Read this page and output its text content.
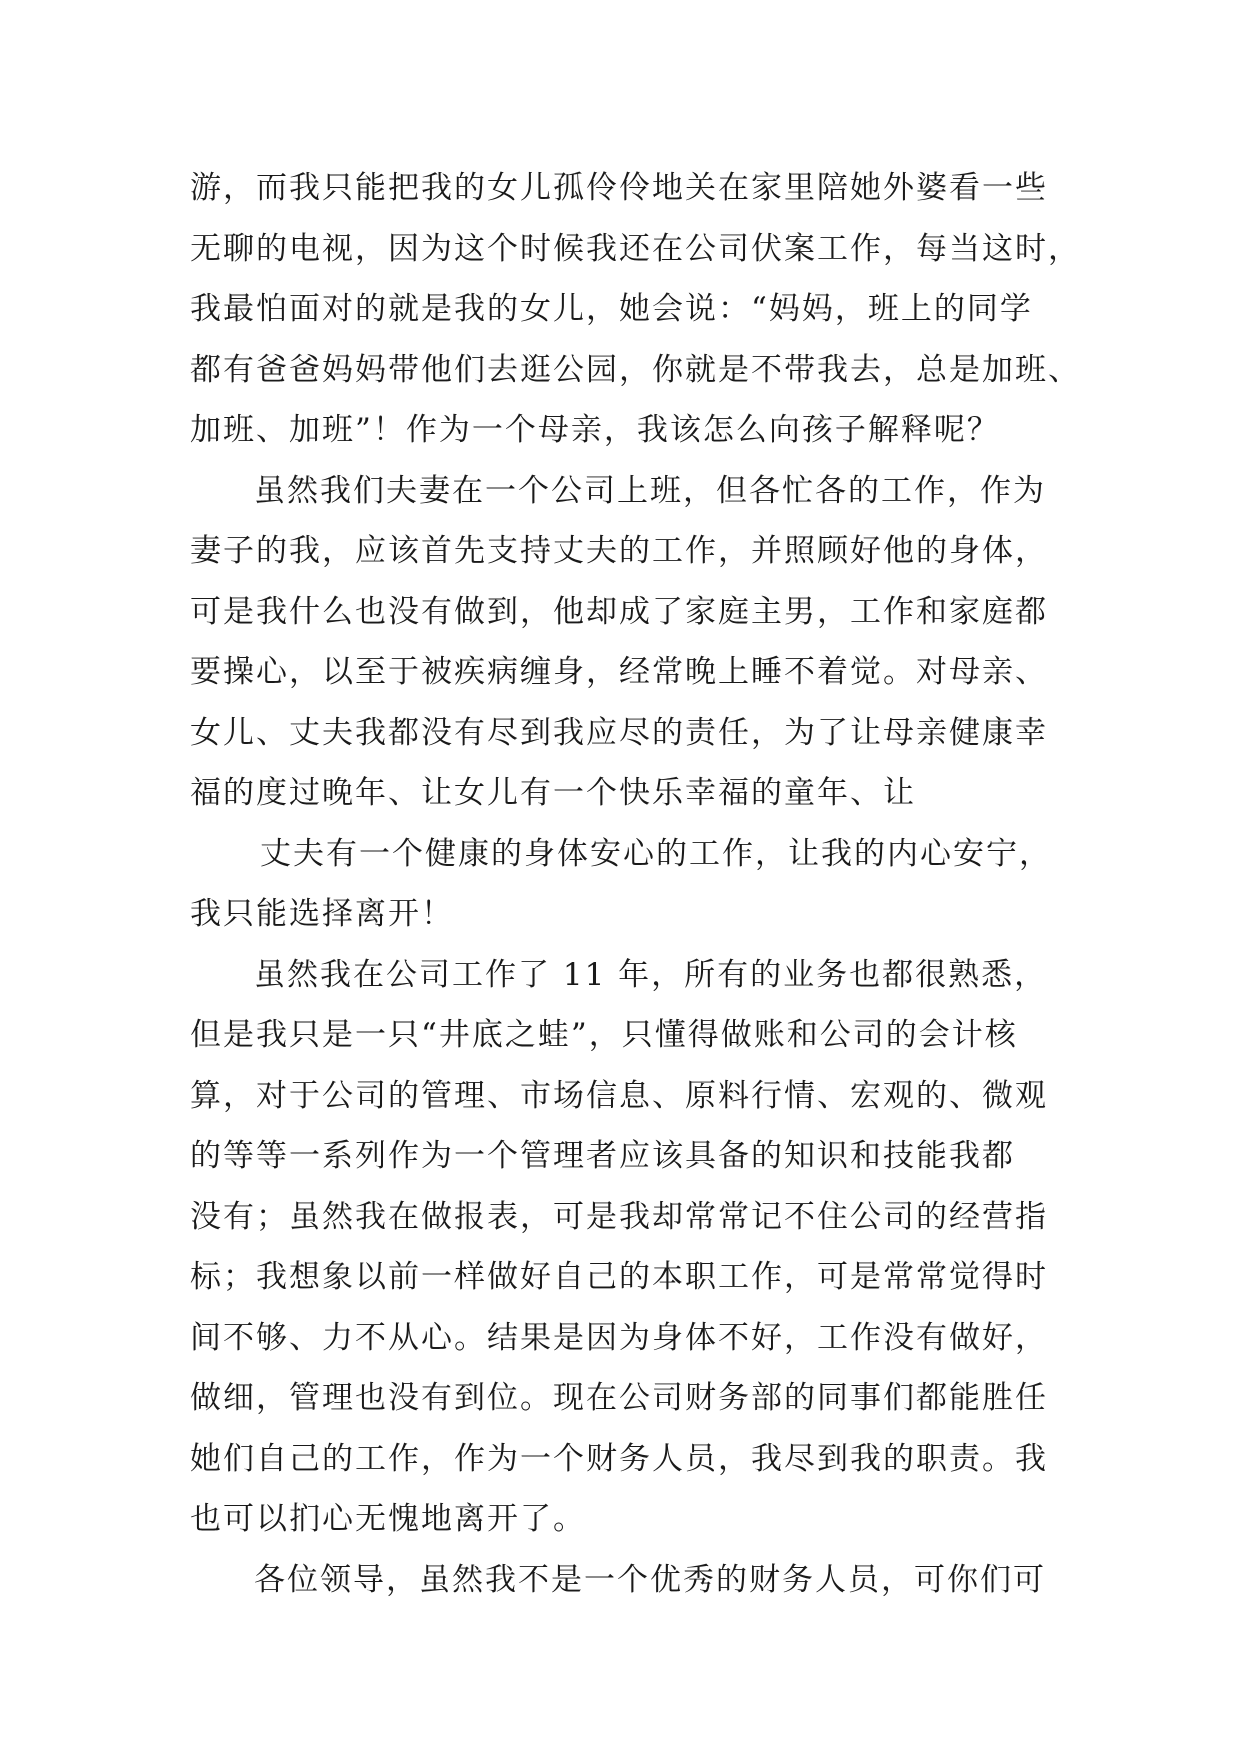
游，而我只能把我的女儿孤伶伶地关在家里陪她外婆看一些
无聊的电视，因为这个时候我还在公司伏案工作，每当这时，
我最怕面对的就是我的女儿，她会说：“妈妈，班上的同学
都有爸爸妈妈带他们去逛公园，你就是不带我去，总是加班、
加班、加班”！作为一个母亲，我该怎么向孩子解释呢？
虽然我们夫妻在一个公司上班，但各忙各的工作，作为
妻子的我，应该首先支持丈夫的工作，并照顾好他的身体，
可是我什么也没有做到，他却成了家庭主男，工作和家庭都
要操心，以至于被疾病缠身，经常晚上睡不着觉。对母亲、
女儿、丈夫我都没有尽到我应尽的责任，为了让母亲健康幸
福的度过晚年、让女儿有一个快乐幸福的童年、让
丈夫有一个健康的身体安心的工作，让我的内心安宁，
我只能选择离开！
虽然我在公司工作了 11 年，所有的业务也都很熟悉，
但是我只是一只“井底之蛙”，只懂得做账和公司的会计核
算，对于公司的管理、市场信息、原料行情、宏观的、微观
的等等一系列作为一个管理者应该具备的知识和技能我都
没有；虽然我在做报表，可是我却常常记不住公司的经营指
标；我想象以前一样做好自己的本职工作，可是常常觉得时
间不够、力不从心。结果是因为身体不好，工作没有做好，
做细，管理也没有到位。现在公司财务部的同事们都能胜任
她们自己的工作，作为一个财务人员，我尽到我的职责。我
也可以扪心无愧地离开了。
各位领导，虽然我不是一个优秀的财务人员，可你们可
